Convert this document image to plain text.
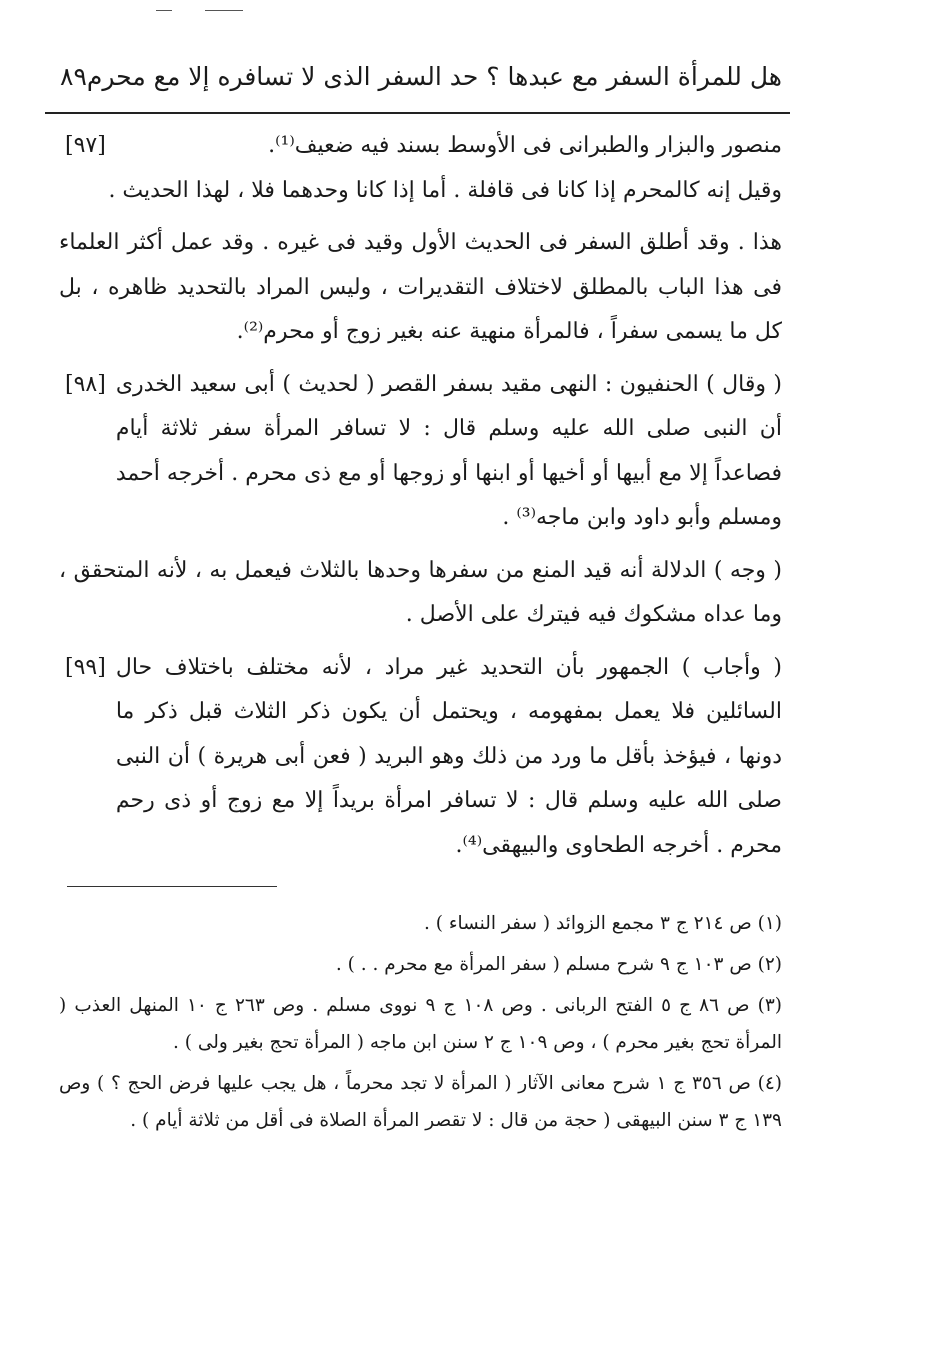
هل للمرأة السفر مع عبدها ؟ حد السفر الذى لا تسافره إلا مع محرم
٨٩

منصور والبزار والطبرانى فى الأوسط بسند فيه ضعيف⁽¹⁾.

[٩٧]

وقيل إنه كالمحرم إذا كانا فى قافلة . أما إذا كانا وحدهما فلا ، لهذا الحديث .

هذا . وقد أطلق السفر فى الحديث الأول وقيد فى غيره . وقد عمل أكثر العلماء فى هذا الباب بالمطلق لاختلاف التقديرات ، وليس المراد بالتحديد ظاهره ، بل كل ما يسمى سفراً ، فالمرأة منهية عنه بغير زوج أو محرم⁽²⁾.

( وقال ) الحنفيون : النهى مقيد بسفر القصر ( لحديث ) أبى سعيد الخدرى أن النبى صلى الله عليه وسلم قال : لا تسافر المرأة سفر ثلاثة أيام فصاعداً إلا مع أبيها أو أخيها أو ابنها أو زوجها أو مع ذى محرم . أخرجه أحمد ومسلم وأبو داود وابن ماجه⁽³⁾ .

[٩٨]

( وجه ) الدلالة أنه قيد المنع من سفرها وحدها بالثلاث فيعمل به ، لأنه المتحقق ، وما عداه مشكوك فيه فيترك على الأصل .

( وأجاب ) الجمهور بأن التحديد غير مراد ، لأنه مختلف باختلاف حال السائلين فلا يعمل بمفهومه ، ويحتمل أن يكون ذكر الثلاث قبل ذكر ما دونها ، فيؤخذ بأقل ما ورد من ذلك وهو البريد ( فعن أبى هريرة ) أن النبى صلى الله عليه وسلم قال : لا تسافر امرأة بريداً إلا مع زوج أو ذى رحم محرم . أخرجه الطحاوى والبيهقى⁽⁴⁾.

[٩٩]

(١) ص ٢١٤ ج ٣ مجمع الزوائد ( سفر النساء ) .

(٢) ص ١٠٣ ج ٩ شرح مسلم ( سفر المرأة مع محرم . . ) .

(٣) ص ٨٦ ج ٥ الفتح الربانى . وص ١٠٨ ج ٩ نووى مسلم . وص ٢٦٣ ج ١٠ المنهل العذب ( المرأة تحج بغير محرم ) ، وص ١٠٩ ج ٢ سنن ابن ماجه ( المرأة تحج بغير ولى ) .

(٤) ص ٣٥٦ ج ١ شرح معانى الآثار ( المرأة لا تجد محرماً ، هل يجب عليها فرض الحج ؟ ) وص ١٣٩ ج ٣ سنن البيهقى ( حجة من قال : لا تقصر المرأة الصلاة فى أقل من ثلاثة أيام ) .
